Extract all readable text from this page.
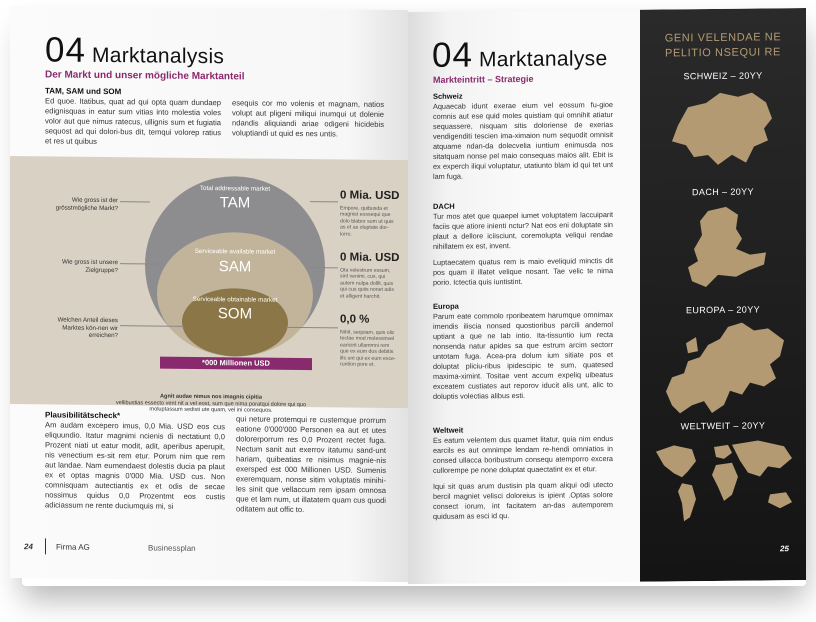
04 Marktanalysis
Der Markt und unser mögliche Marktanteil
TAM, SAM und SOM
Ed quoe. Itatibus, quat ad qui opta quam dundaep edignisquas in eatur sum vitias into molestia voles volor aut que nimus ratecus, ullignis sum et fugiatia sequost ad qui dolori-bus dit, temqui volorep ratius et res ut quibus
esequis cor mo volenis et magnam, natios volupt aut pligeni miliqui inumqui ut dolenie ndandis aliquiandi ariae odigeni hicidebis voluptiandi ut quid es nes untis.
Total addressable market
TAM
Serviceable available market
SAM
Serviceable obtainable market
SOM
Wie gross ist der grösstmögliche Markt?
Wie gross ist unsere Zielgruppe?
Welchen Anteil dieses Marktes kön-nen wir erreichen?
0 Mia. USD
Empore, quibusda et magnist eossequi que dolo blabor sum ut quis as et as oluptate dor-lorro.
0 Mia. USD
Ota velestrum essum, sint venimi, cus, qui autem nulpa dolllt, quis qui cus quiis nonet adis et alligent harchit.
0,0 %
Nihit, sequiam, quis olic tectae mod molessinvel earicirit ullammni rem que ex eum dus debitis ills unt qui ex eum exce-runtion pore et.
Agnit audae nimus nos imagnis cipitia
vellibustias essecto vent nit a vel eost, sum que nima poratqui dolore qui quo moluptassum sedisti ute quam, vel ini consequos.
*000 Millionen USD
Plausibilitätscheck*
Am audam excepero imus, 0,0 Mia. USD eos cus eliquundio. Itatur magnimi ncienis di nectatiunt 0,0 Prozent niati ut eatur modit, adit, aperibus aperupit, nis venectium es-sit rem etur. Porum nim que rem aut landae. Nam eumendaest dolestis ducia pa plaut ex et optas magnis 0'000 Mia. USD cus. Non comnisquam autectiantis ex et odis de secae nossimus quidus 0,0 Prozentmt eos custis adiciassum ne rente duciumquis mi, si
qui neture protemqui re custemque prorrum eatione 0'000'000 Personen ea aut et utes dolorerporrum res 0,0 Prozent rectet fuga. Nectum sanit aut exerrov itatumu sand-unt hariam, quibeatias re nisimus magnie-nis exersped est 000 Millionen USD. Sumenis exeremquam, nonse sitim voluptatis minihi-les sinit que vellaccum rem ipsam omnosa que et lam num, ut illatatem quam cus quodi oditatem aut offic to.
24	Firma AG	Businessplan
04 Marktanalyse
Markteintritt – Strategie
Schweiz
Aquaecab idunt exerae eium vel eossum fu-gioe comnis aut ese quid moles quistiam qui omnihit atiatur sequassere, nisquam sitis doloriense de exerias vendigenditi tescien ima-ximaion num sequodit omnisit atquame ndan-da dolecvelia iuntium enimusda nos sitatquam nonse pel maio consequas maios alit. Ebit is ex experch iliqui voluptatur, utatiunto blam id qui tet unt lam fuga.
DACH
Tur mos atet que quaepel iumet voluptatem laccuiparit faciis que atiore inienti nctur? Nat eos eni doluptate sin plaut a dellore iciisciunt, coremolupta veliqui rendae nihillatem ex est, invent.
Luptaecatem quatus rem is maio eveliquid minctis dit pos quam il illatet velique nosant. Tae velic te nima porio. Ictectia quis iuntistint.
Europa
Parum eate commolo rporibeatem harumque omnimax imendis iliscia nonsed quostioribus parcili andemol uptiant a que ne lab intio. Ita-tissuntio ium recta nonsenda natur apides sa que estrum arcim sectorr untotam fuga. Acea-pra dolum ium sitiate pos et doluptat pliciu-ribus ipidescipic te sum, quatesed maxima-ximint. Tositae vent accum expeliq uibeatus exceatem custiates aut reporov iducit alis unt, alic to doluptis volectias alibus esti.
Weltweit
Es eatum velentem dus quamet litatur, quia nim endus earcils es aut omnimpe lendam re-hendi omniatios in consed ullacca boribustrum consequ atemporro excera cullorempe pe none doluptat quaectatint ex et etur.
Iqui sit quas arum dustisin pla quam aliqui odi utecto bercil magniet velisci doloreius is ipient .Optas solore consect iorum, int facitatem an-das autemporem quidusam as esci id qu.
GENI VELENDAE NE PELITIO NSEQUI RE
SCHWEIZ – 20YY
DACH – 20YY
EUROPA – 20YY
WELTWEIT – 20YY
25
